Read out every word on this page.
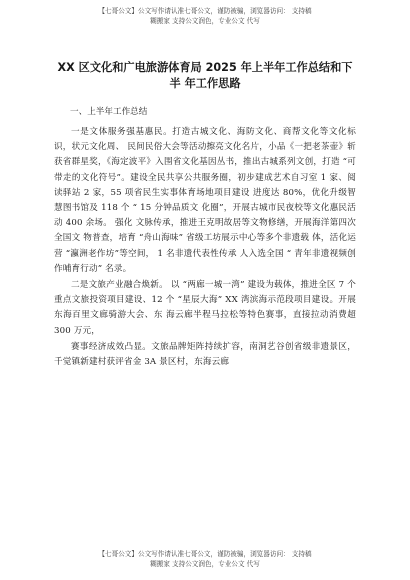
【七哥公文】公文写作请认准七哥公文，谨防被骗，浏览器访问： 支持稿
糊搬家 支持公文润色，专业公文 代写
XX 区文化和广电旅游体育局 2025 年上半年工作总结和下半 年工作思路
一、上半年工作总结

一是文体服务强基惠民。打造古城文化、海防文化、商帮文化等文化标识，状元文化周、 民间民俗大会等活动擦亮文化名片，小品《一把老茶壶》斩获省群星奖，《海定波平》入围省文化基因丛书，推出古城系列文创，打造 “可带走的文化符号”。建设全民共享公共服务圈，初步建成艺术自习室 1 家、阅读驿站 2 家，55 项省民生实事体育场地项目建设 进度达 80%，优化升级智慧图书馆及 118 个 “ 15 分钟品质文 化圈”，开展古城市民夜校等文化惠民活动 400 余场。 强化 文脉传承，推进王克明故居等文物修缮，开展海洋第四次全国文 物普查，培育 “舟山海味” 省级工坊展示中心等多个非遗载 体，活化运营 “瀛洲老作坊”等空间， 1 名非遗代表性传承 人入选全国 “ 青年非遗视频创作哺育行动” 名录。

二是文旅产业融合焕新。 以 “两廊一城一湾” 建设为载体，推进全区 7 个重点文旅投资项目建设、12 个 “星辰大海” XX 湾滨海示范段项目建设。开展东海百里文廊骑游大会、东 海云廊半程马拉松等特色赛事，直接拉动消费超 300 万元，

赛事经济成效凸显。文旅品牌矩阵持续扩容，南洞艺谷创省级非遗景区，千觉镇新建村获评省金 3A 景区村，东海云廊

【七哥公文】公文写作请认准七哥公文，谨防被骗，浏览器访问： 支持稿
糊搬家 支持公文润色，专业公文 代写
